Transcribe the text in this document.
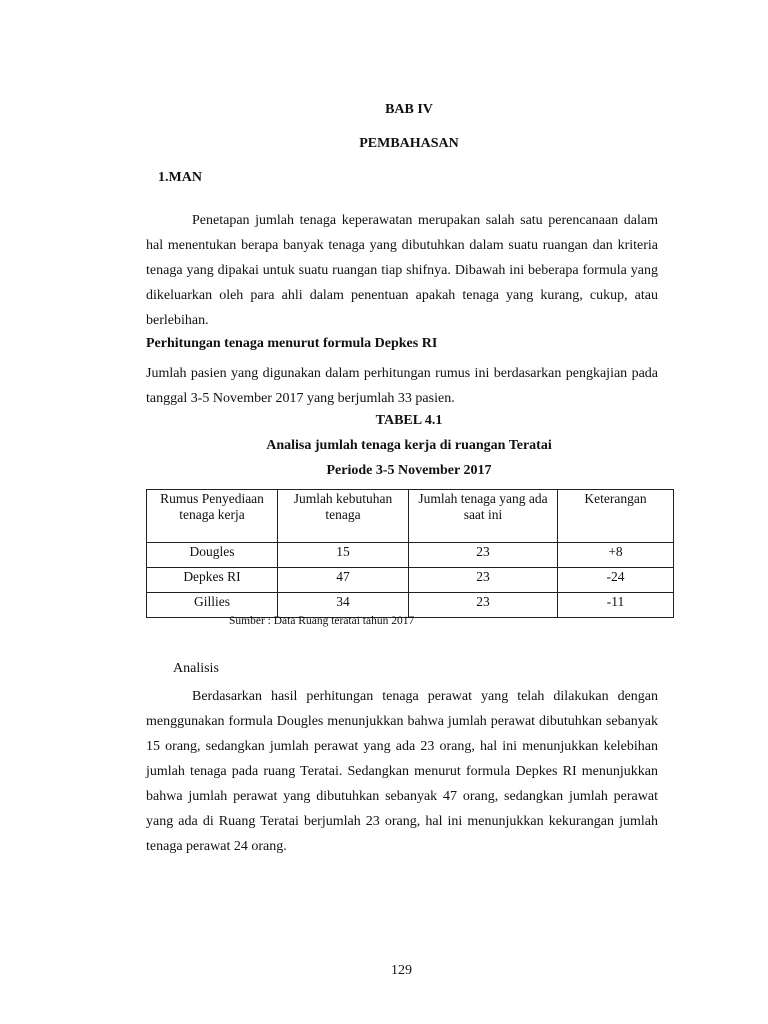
BAB IV

PEMBAHASAN

1.MAN

Penetapan jumlah tenaga keperawatan merupakan salah satu perencanaan dalam hal menentukan berapa banyak tenaga yang dibutuhkan dalam suatu ruangan dan kriteria tenaga yang dipakai untuk suatu ruangan tiap shifnya. Dibawah ini beberapa formula yang dikeluarkan oleh para ahli dalam penentuan apakah tenaga yang kurang, cukup, atau berlebihan.

Perhitungan tenaga menurut formula Depkes RI

Jumlah pasien yang digunakan dalam perhitungan rumus ini berdasarkan pengkajian pada tanggal 3-5 November 2017 yang berjumlah 33 pasien.

TABEL 4.1

Analisa jumlah tenaga kerja di ruangan Teratai

Periode 3-5 November 2017

Rumus Penyediaan tenaga kerja	Jumlah kebutuhan tenaga	Jumlah tenaga yang ada saat ini	Keterangan
Dougles	15	23	+8
Depkes RI	47	23	-24
Gillies	34	23	-11

Sumber : Data Ruang teratai tahun 2017

Analisis

Berdasarkan hasil perhitungan tenaga perawat yang telah dilakukan dengan menggunakan formula Dougles menunjukkan bahwa jumlah perawat dibutuhkan sebanyak 15 orang, sedangkan jumlah perawat yang ada 23 orang, hal ini menunjukkan kelebihan jumlah tenaga pada ruang Teratai. Sedangkan menurut formula Depkes RI menunjukkan bahwa jumlah perawat yang dibutuhkan sebanyak 47 orang, sedangkan jumlah perawat yang ada di Ruang Teratai berjumlah 23 orang, hal ini menunjukkan kekurangan jumlah tenaga perawat 24 orang.

129
